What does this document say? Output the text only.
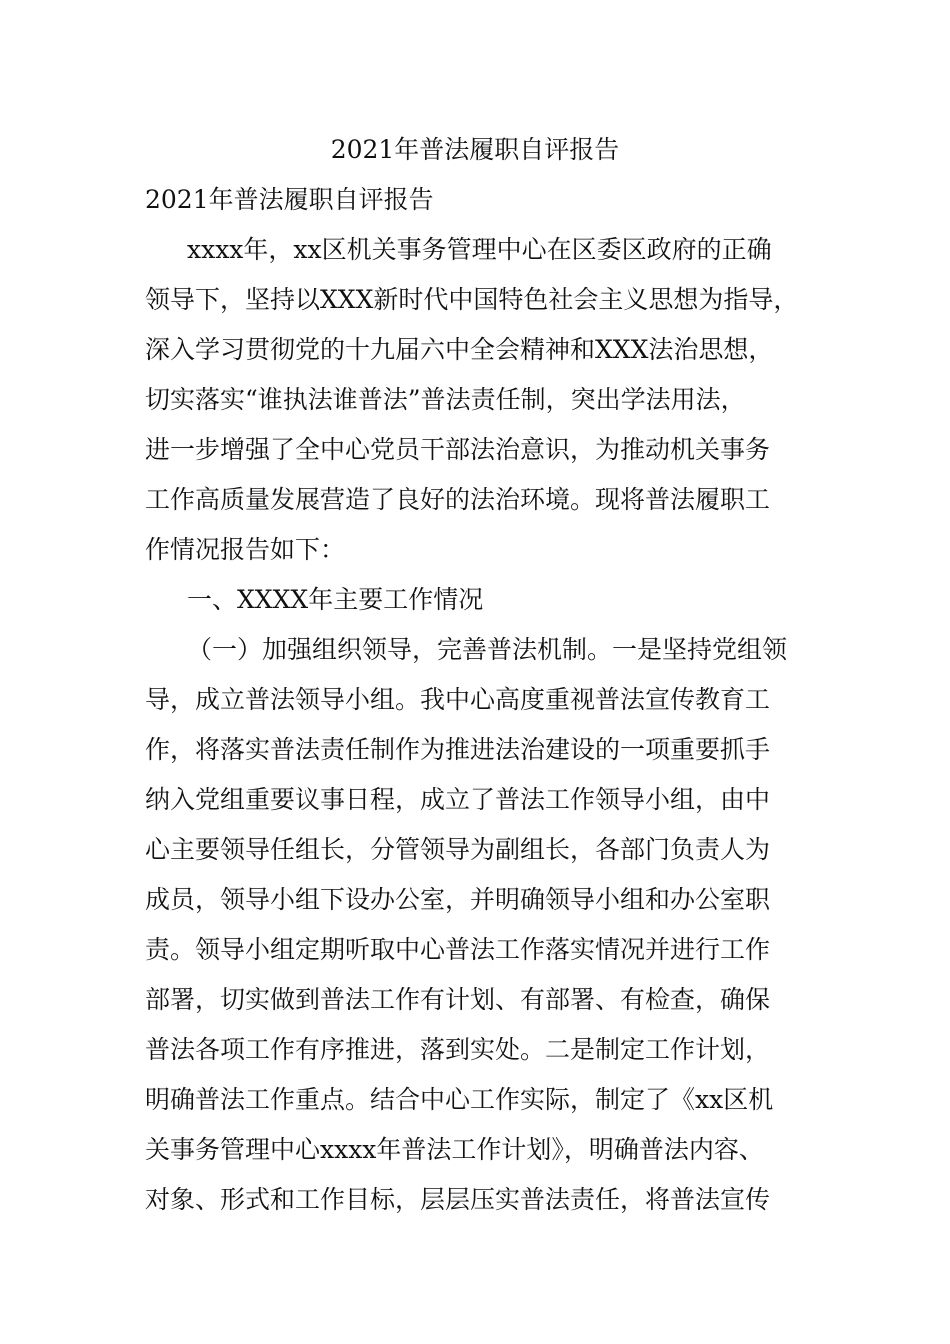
2021年普法履职自评报告
2021年普法履职自评报告
xxxx年，xx区机关事务管理中心在区委区政府的正确
领导下，坚持以XXX新时代中国特色社会主义思想为指导，
深入学习贯彻党的十九届六中全会精神和XXX法治思想，
切实落实“谁执法谁普法”普法责任制，突出学法用法，
进一步增强了全中心党员干部法治意识，为推动机关事务
工作高质量发展营造了良好的法治环境。现将普法履职工
作情况报告如下：
一、XXXX年主要工作情况
（一）加强组织领导，完善普法机制。一是坚持党组领
导，成立普法领导小组。我中心高度重视普法宣传教育工
作，将落实普法责任制作为推进法治建设的一项重要抓手
纳入党组重要议事日程，成立了普法工作领导小组，由中
心主要领导任组长，分管领导为副组长，各部门负责人为
成员，领导小组下设办公室，并明确领导小组和办公室职
责。领导小组定期听取中心普法工作落实情况并进行工作
部署，切实做到普法工作有计划、有部署、有检查，确保
普法各项工作有序推进，落到实处。二是制定工作计划，
明确普法工作重点。结合中心工作实际，制定了《xx区机
关事务管理中心xxxx年普法工作计划》，明确普法内容、
对象、形式和工作目标，层层压实普法责任，将普法宣传
